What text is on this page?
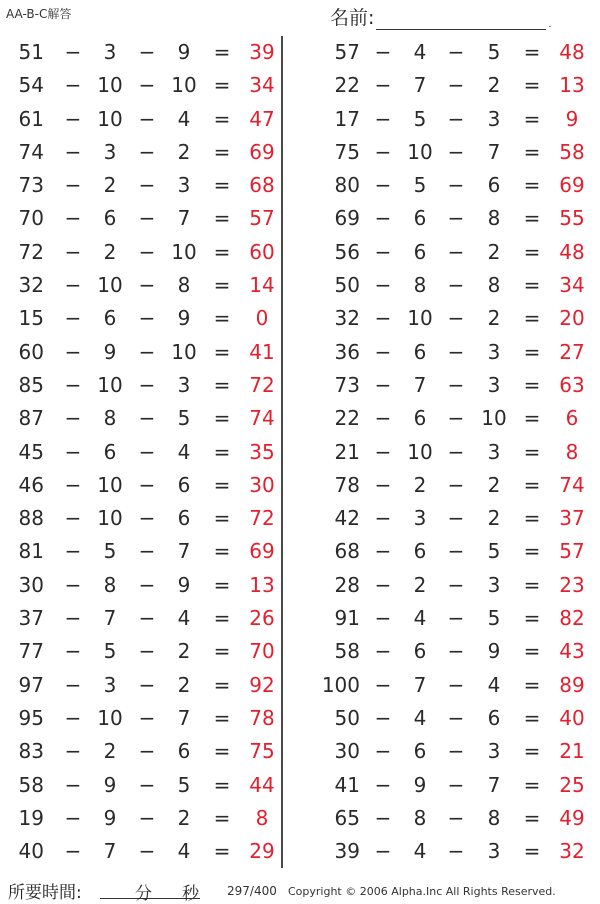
AA-B-C解答	名前:	.
51 −	3	−	9	= 39
54 − 10 − 10 = 34
61 − 10 −	4	= 47
74 −	3	−	2	= 69
73 −	2	−	3	= 68
70 −	6	−	7	= 57
72 −	2	− 10 = 60
32 − 10 −	8	= 14
15 −	6	−	9	=	0
60 −	9	− 10 = 41
85 − 10 −	3	= 72
87 −	8	−	5	= 74
45 −	6	−	4	= 35
46 − 10 −	6	= 30
88 − 10 −	6	= 72
81 −	5	−	7	= 69
30 −	8	−	9	= 13
37 −	7	−	4	= 26
77 −	5	−	2	= 70
97 −	3	−	2	= 92
95 − 10 −	7	= 78
83 −	2	−	6	= 75
58 −	9	−	5	= 44
19 −	9	−	2	=	8
40 −	7	−	4	= 29
57 −	4	−	5	= 48
22 −	7	−	2	= 13
17 −	5	−	3	=	9
75 − 10 −	7	= 58
80 −	5	−	6	= 69
69 −	6	−	8	= 55
56 −	6	−	2	= 48
50 −	8	−	8	= 34
32 − 10 −	2	= 20
36 −	6	−	3	= 27
73 −	7	−	3	= 63
22 −	6	− 10 =	6
21 − 10 −	3	=	8
78 −	2	−	2	= 74
42 −	3	−	2	= 37
68 −	6	−	5	= 57
28 −	2	−	3	= 23
91 −	4	−	5	= 82
58 −	6	−	9	= 43
100 −	7	−	4	= 89
50 −	4	−	6	= 40
30 −	6	−	3	= 21
41 −	9	−	7	= 25
65 −	8	−	8	= 49
39 −	4	−	3	= 32
所要時間:	分 秒 297/400 Copyright © 2006 Alpha.Inc All Rights Reserved.
